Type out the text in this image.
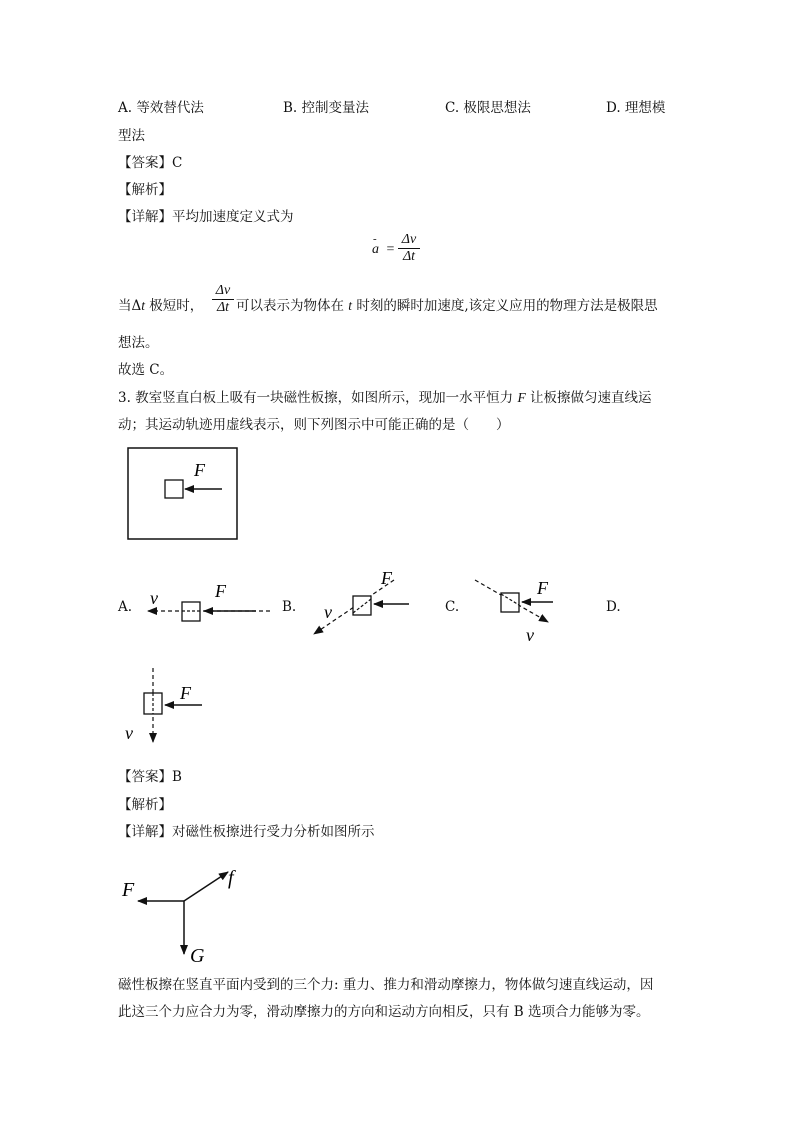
A. 等效替代法	B. 控制变量法	C. 极限思想法	D. 理想模
型法
【答案】C
【解析】
【详解】平均加速度定义式为
-
$a = \frac{\Delta v}{\Delta t}$
当Δt 极短时， $\frac{\Delta v}{\Delta t}$ 可以表示为物体在 t 时刻的瞬时加速度,该定义应用的物理方法是极限思
想法。
故选 C。
3. 教室竖直白板上吸有一块磁性板擦，如图所示，现加一水平恒力 F 让板擦做匀速直线运
动；其运动轨迹用虚线表示，则下列图示中可能正确的是（　　）
F
A.	B.	C.	D.
v	F
F
v
F
v
F
v
【答案】B
【解析】
【详解】对磁性板擦进行受力分析如图所示
F
f
G
磁性板擦在竖直平面内受到的三个力: 重力、推力和滑动摩擦力，物体做匀速直线运动，因
此这三个力应合力为零，滑动摩擦力的方向和运动方向相反，只有 B 选项合力能够为零。
